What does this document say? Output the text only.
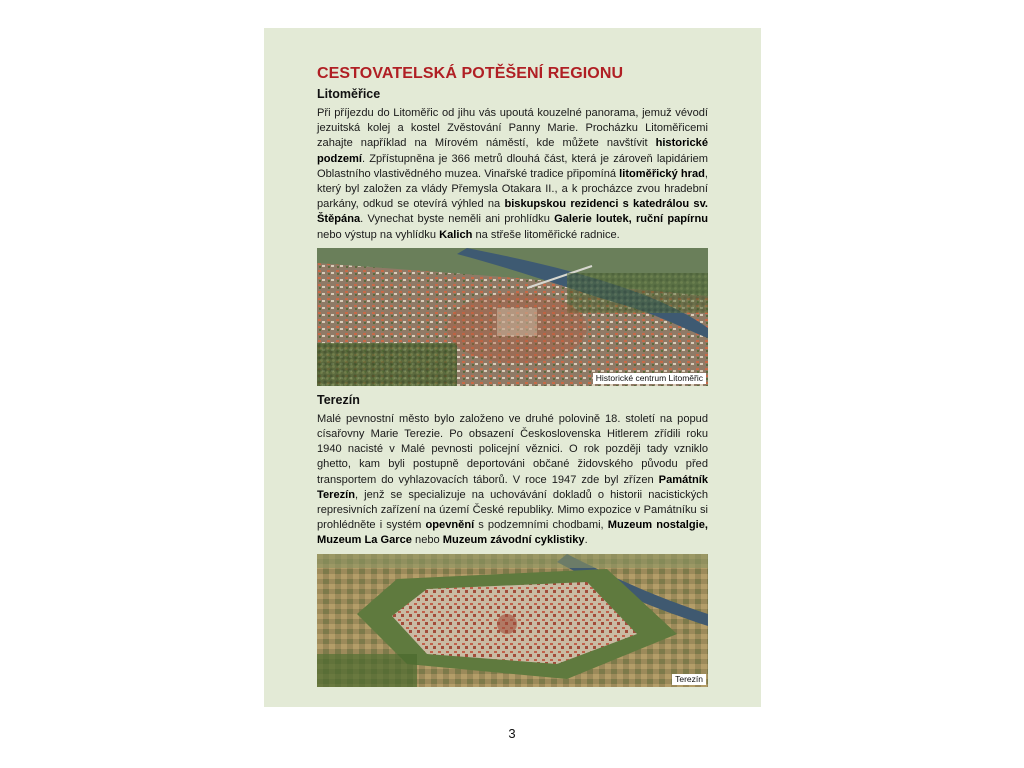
CESTOVATELSKÁ POTĚŠENÍ REGIONU
Litoměřice

Při příjezdu do Litoměřic od jihu vás upoutá kouzelné panorama, jemuž vévodí jezuitská kolej a kostel Zvěstování Panny Marie. Procházku Litoměřicemi zahajte například na Mírovém náměstí, kde můžete navštívit historické podzemí. Zpřístupněna je 366 metrů dlouhá část, která je zároveň lapidáriem Oblastního vlastivědného muzea. Vinařské tradice připomíná litoměřický hrad, který byl založen za vlády Přemysla Otakara II., a k procházce zvou hradební parkány, odkud se otevírá výhled na biskupskou rezidenci s katedrálou sv. Štěpána. Vynechat byste neměli ani prohlídku Galerie loutek, ruční papírnu nebo výstup na vyhlídku Kalich na střeše litoměřické radnice.

Historické centrum Litoměřic
Terezín

Malé pevnostní město bylo založeno ve druhé polovině 18. století na popud císařovny Marie Terezie. Po obsazení Československa Hitlerem zřídili roku 1940 nacisté v Malé pevnosti policejní věznici. O rok později tady vzniklo ghetto, kam byli postupně deportováni občané židovského původu před transportem do vyhlazovacích táborů. V roce 1947 zde byl zřízen Památník Terezín, jenž se specializuje na uchovávání dokladů o historii nacistických represivních zařízení na území České republiky. Mimo expozice v Památníku si prohlédněte i systém opevnění s podzemními chodbami, Muzeum nostalgie, Muzeum La Garce nebo Muzeum závodní cyklistiky.

Terezín
3
